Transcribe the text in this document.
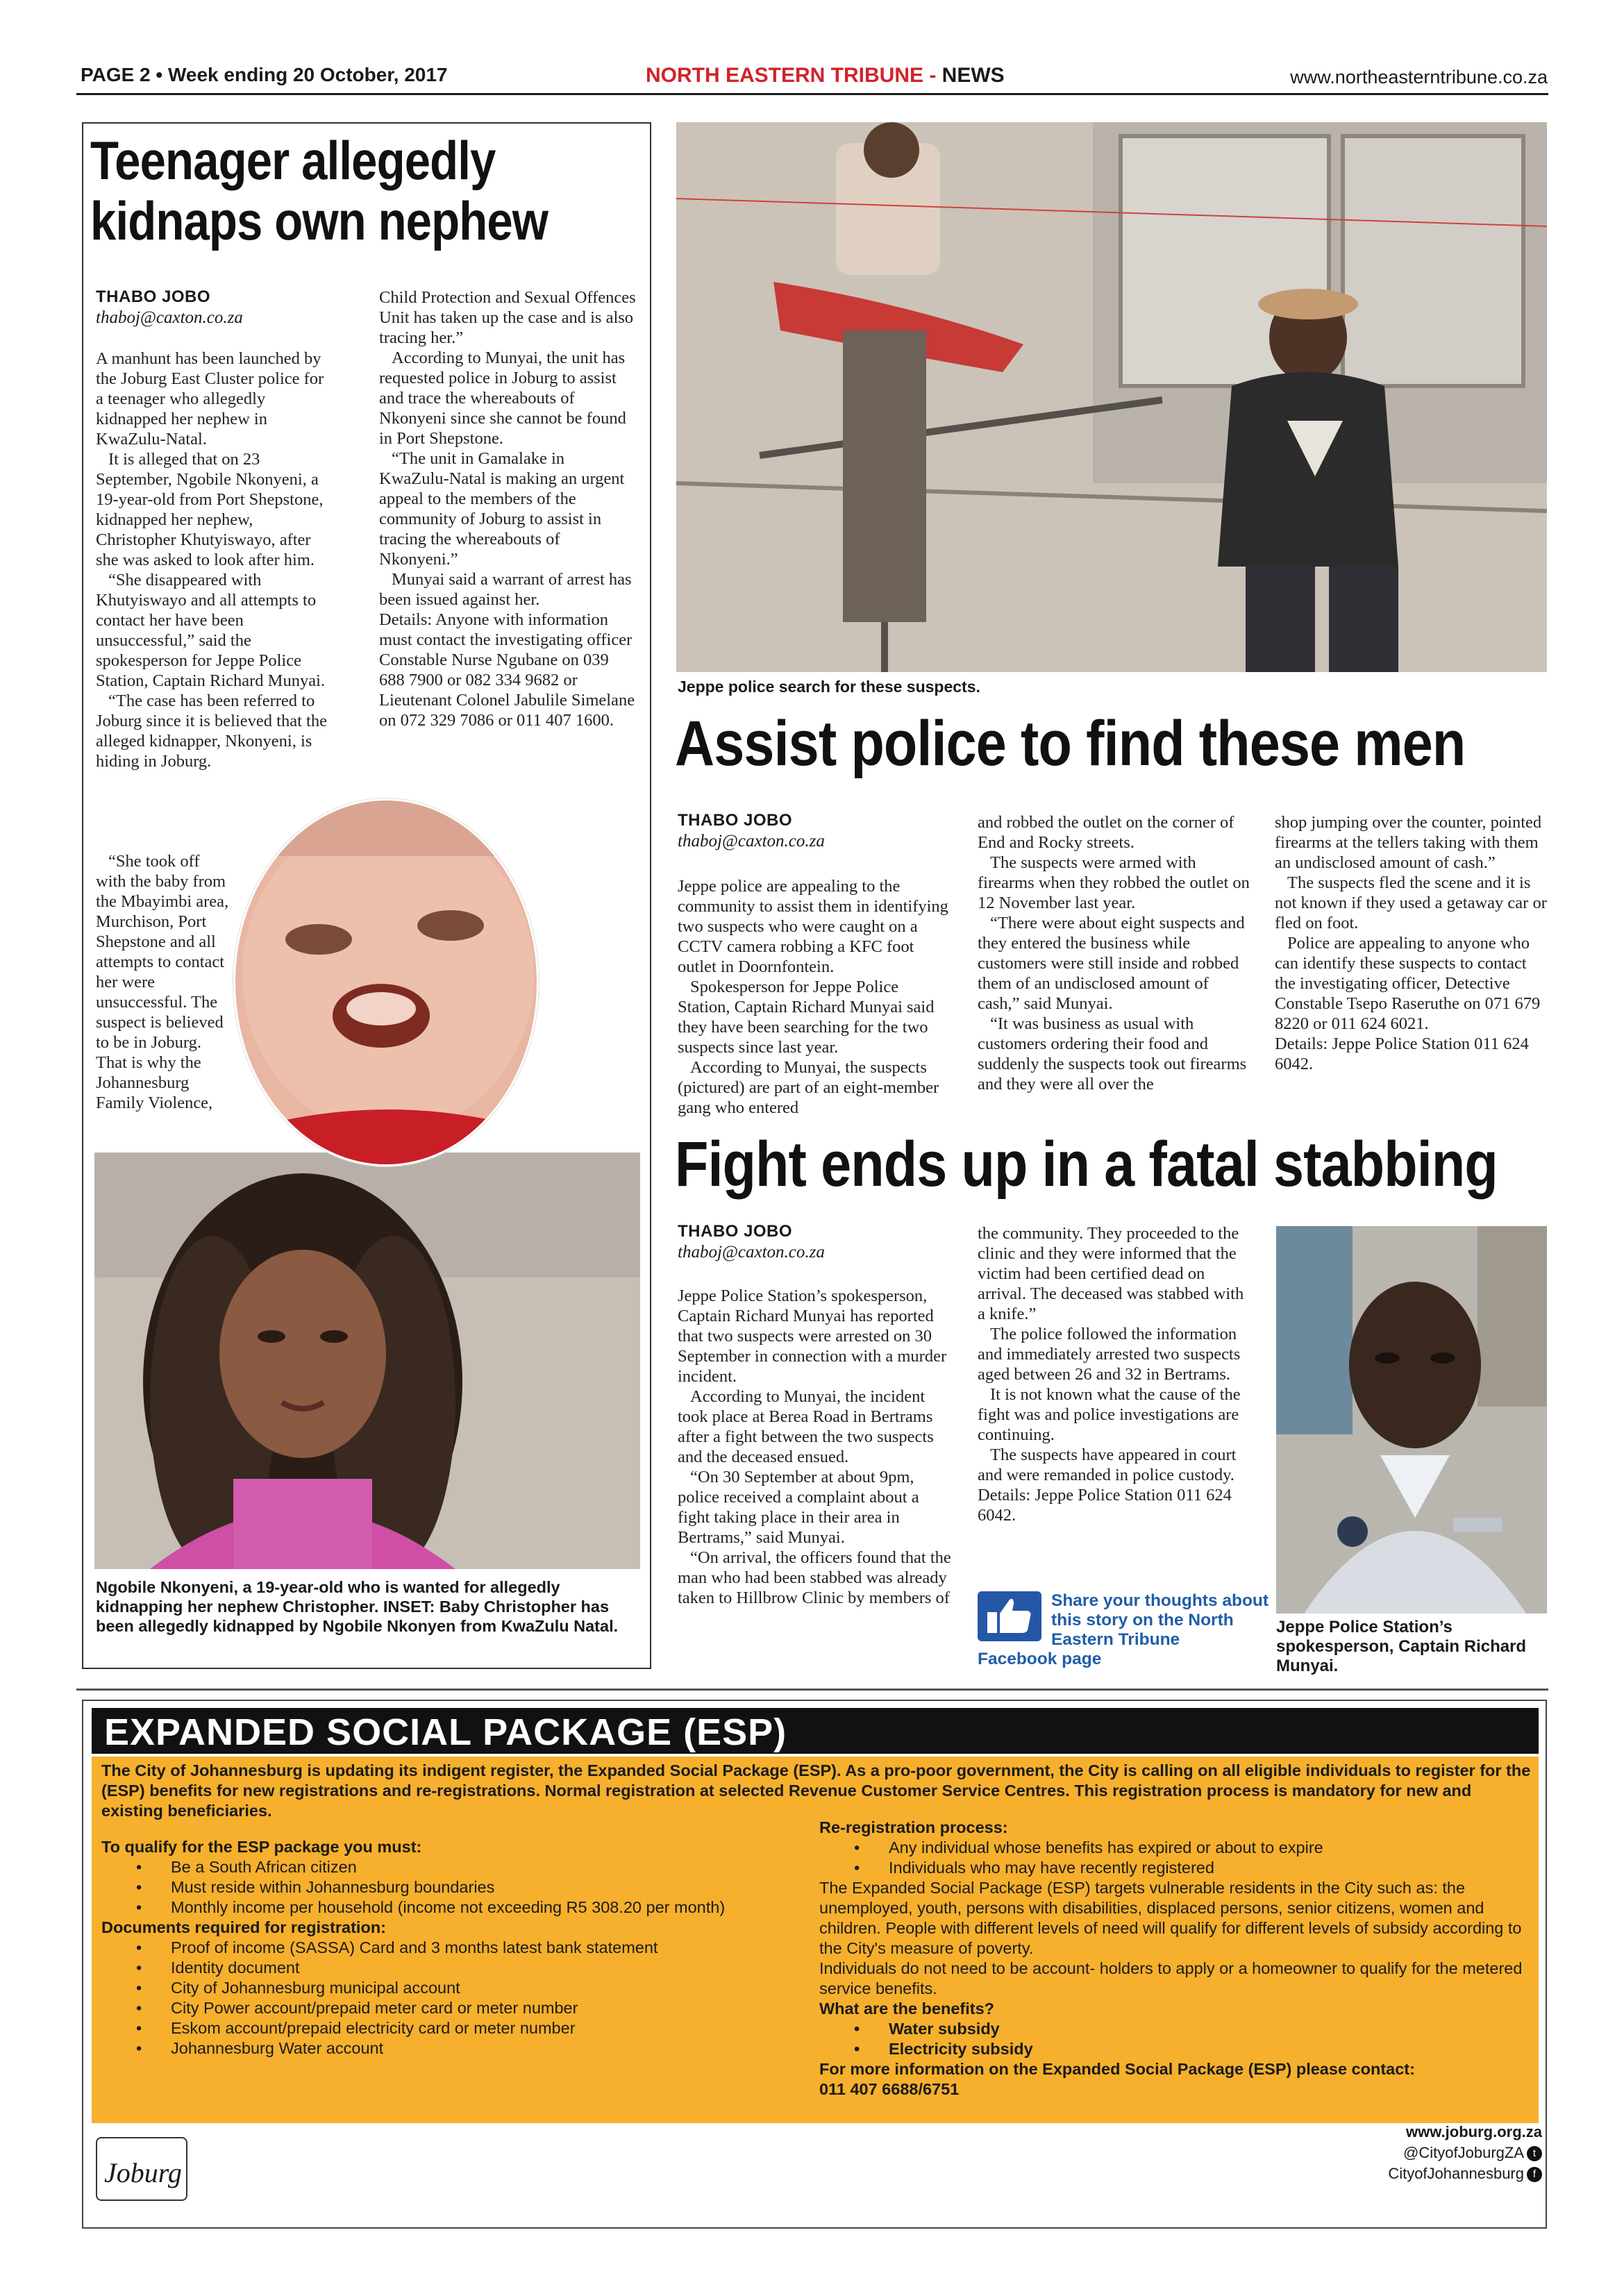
PAGE 2 • Week ending 20 October, 2017	NORTH EASTERN TRIBUNE - NEWS	www.northeasterntribune.co.za
Teenager allegedly kidnaps own nephew
THABO JOBO
thaboj@caxton.co.za

A manhunt has been launched by the Joburg East Cluster police for a teenager who allegedly kidnapped her nephew in KwaZulu-Natal.

It is alleged that on 23 September, Ngobile Nkonyeni, a 19-year-old from Port Shepstone, kidnapped her nephew, Christopher Khutyiswayo, after she was asked to look after him.

“She disappeared with Khutyiswayo and all attempts to contact her have been unsuccessful,” said the spokesperson for Jeppe Police Station, Captain Richard Munyai.

“The case has been referred to Joburg since it is believed that the alleged kidnapper, Nkonyeni, is hiding in Joburg.

“She took off with the baby from the Mbayimbi area, Murchison, Port Shepstone and all attempts to contact her were unsuccessful. The suspect is believed to be in Joburg. That is why the Johannesburg Family Violence,

Child Protection and Sexual Offences Unit has taken up the case and is also tracing her.”

According to Munyai, the unit has requested police in Joburg to assist and trace the whereabouts of Nkonyeni since she cannot be found in Port Shepstone.

“The unit in Gamalake in KwaZulu-Natal is making an urgent appeal to the members of the community of Joburg to assist in tracing the whereabouts of Nkonyeni.”

Munyai said a warrant of arrest has been issued against her.

Details: Anyone with information must contact the investigating officer Constable Nurse Ngubane on 039 688 7900 or 082 334 9682 or Lieutenant Colonel Jabulile Simelane on 072 329 7086 or 011 407 1600.

Ngobile Nkonyeni, a 19-year-old who is wanted for allegedly kidnapping her nephew Christopher. INSET: Baby Christopher has been allegedly kidnapped by Ngobile Nkonyen from KwaZulu Natal.
Jeppe police search for these suspects.
Assist police to find these men
THABO JOBO
thaboj@caxton.co.za

Jeppe police are appealing to the community to assist them in identifying two suspects who were caught on a CCTV camera robbing a KFC foot outlet in Doornfontein.

Spokesperson for Jeppe Police Station, Captain Richard Munyai said they have been searching for the two suspects since last year.

According to Munyai, the suspects (pictured) are part of an eight-member gang who entered

and robbed the outlet on the corner of End and Rocky streets.

The suspects were armed with firearms when they robbed the outlet on 12 November last year.

“There were about eight suspects and they entered the business while customers were still inside and robbed them of an undisclosed amount of cash,” said Munyai.

“It was business as usual with customers ordering their food and suddenly the suspects took out firearms and they were all over the

shop jumping over the counter, pointed firearms at the tellers taking with them an undisclosed amount of cash.”

The suspects fled the scene and it is not known if they used a getaway car or fled on foot.

Police are appealing to anyone who can identify these suspects to contact the investigating officer, Detective Constable Tsepo Raseruthe on 071 679 8220 or 011 624 6021.

Details: Jeppe Police Station 011 624 6042.

Fight ends up in a fatal stabbing
THABO JOBO
thaboj@caxton.co.za

Jeppe Police Station’s spokesperson, Captain Richard Munyai has reported that two suspects were arrested on 30 September in connection with a murder incident.

According to Munyai, the incident took place at Berea Road in Bertrams after a fight between the two suspects and the deceased ensued.

“On 30 September at about 9pm, police received a complaint about a fight taking place in their area in Bertrams,” said Munyai.

“On arrival, the officers found that the man who had been stabbed was already taken to Hillbrow Clinic by members of

the community. They proceeded to the clinic and they were informed that the victim had been certified dead on arrival. The deceased was stabbed with a knife.”

The police followed the information and immediately arrested two suspects aged between 26 and 32 in Bertrams.

It is not known what the cause of the fight was and police investigations are continuing.

The suspects have appeared in court and were remanded in police custody.

Details: Jeppe Police Station 011 624 6042.

Share your thoughts about this story on the North Eastern Tribune
Facebook page
Jeppe Police Station’s spokesperson, Captain Richard Munyai.
EXPANDED SOCIAL PACKAGE (ESP)
The City of Johannesburg is updating its indigent register, the Expanded Social Package (ESP). As a pro-poor government, the City is calling on all eligible individuals to register for the (ESP) benefits for new registrations and re-registrations. Normal registration at selected Revenue Customer Service Centres. This registration process is mandatory for new and existing beneficiaries.
To qualify for the ESP package you must:
• Be a South African citizen
• Must reside within Johannesburg boundaries
• Monthly income per household (income not exceeding R5 308.20 per month)
Documents required for registration:
• Proof of income (SASSA) Card and 3 months latest bank statement
• Identity document
• City of Johannesburg municipal account
• City Power account/prepaid meter card or meter number
• Eskom account/prepaid electricity card or meter number
• Johannesburg Water account
Re-registration process:
• Any individual whose benefits has expired or about to expire
• Individuals who may have recently registered
The Expanded Social Package (ESP) targets vulnerable residents in the City such as: the unemployed, youth, persons with disabilities, displaced persons, senior citizens, women and children. People with different levels of need will qualify for different levels of subsidy according to the City's measure of poverty.
Individuals do not need to be account- holders to apply or a homeowner to qualify for the metered service benefits.
What are the benefits?
• Water subsidy
• Electricity subsidy
For more information on the Expanded Social Package (ESP) please contact:
011 407 6688/6751
Joburg
www.joburg.org.za
@CityofJoburgZA t
CityofJohannesburg f
